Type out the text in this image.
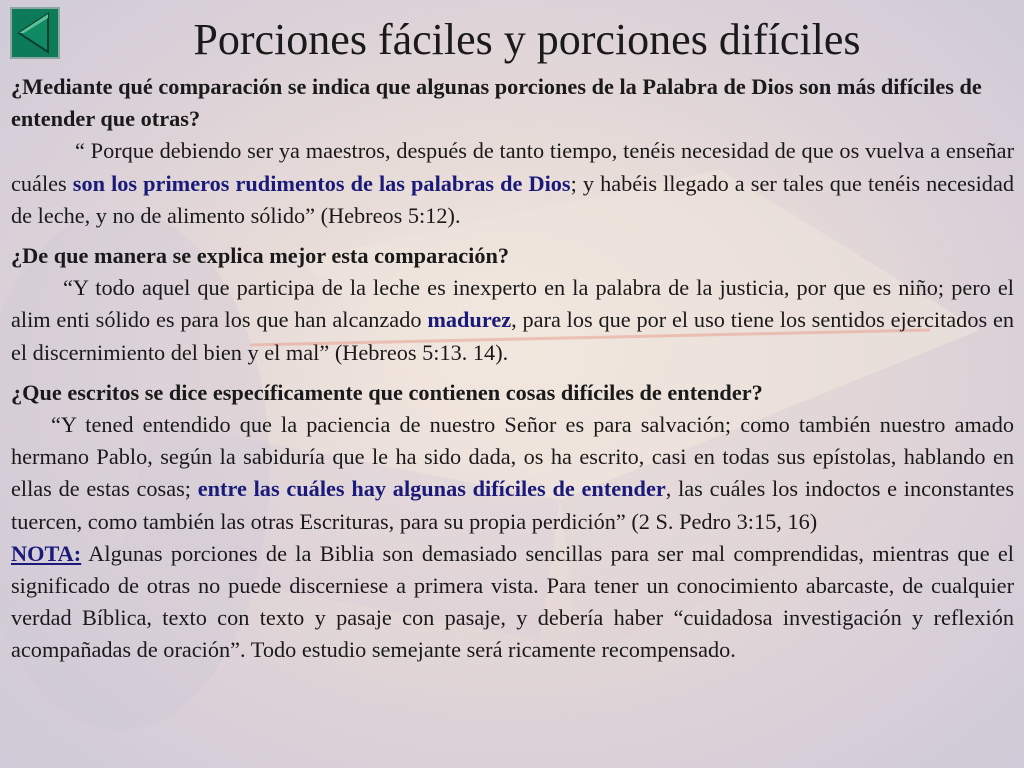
Porciones fáciles y porciones difíciles

¿Mediante qué comparación se indica que algunas porciones de la Palabra de Dios son más difíciles de entender que otras?

“ Porque debiendo ser ya maestros, después de tanto tiempo, tenéis necesidad de que os vuelva a enseñar cuáles son los primeros rudimentos de las palabras de Dios; y habéis llegado a ser tales que tenéis necesidad de leche, y no de alimento sólido” (Hebreos 5:12).

¿De que manera se explica mejor esta comparación?

“Y todo aquel que participa de la leche es inexperto en la palabra de la justicia, por que es niño; pero el alim enti sólido es para los que han alcanzado madurez, para los que por el uso tiene los sentidos ejercitados en el discernimiento del bien y el mal” (Hebreos 5:13. 14).

¿Que escritos se dice específicamente que contienen cosas difíciles de entender?

“Y tened entendido que la paciencia de nuestro Señor es para salvación; como también nuestro amado hermano Pablo, según la sabiduría que le ha sido dada, os ha escrito, casi en todas sus epístolas, hablando en ellas de estas cosas; entre las cuáles hay algunas difíciles de entender, las cuáles los indoctos e inconstantes tuercen, como también las otras Escrituras, para su propia perdición” (2 S. Pedro 3:15, 16)

NOTA: Algunas porciones de la Biblia son demasiado sencillas para ser mal comprendidas, mientras que el significado de otras no puede discerniese a primera vista. Para tener un conocimiento abarcaste, de cualquier verdad Bíblica, texto con texto y pasaje con pasaje, y debería haber “cuidadosa investigación y reflexión acompañadas de oración”. Todo estudio semejante será ricamente recompensado.
